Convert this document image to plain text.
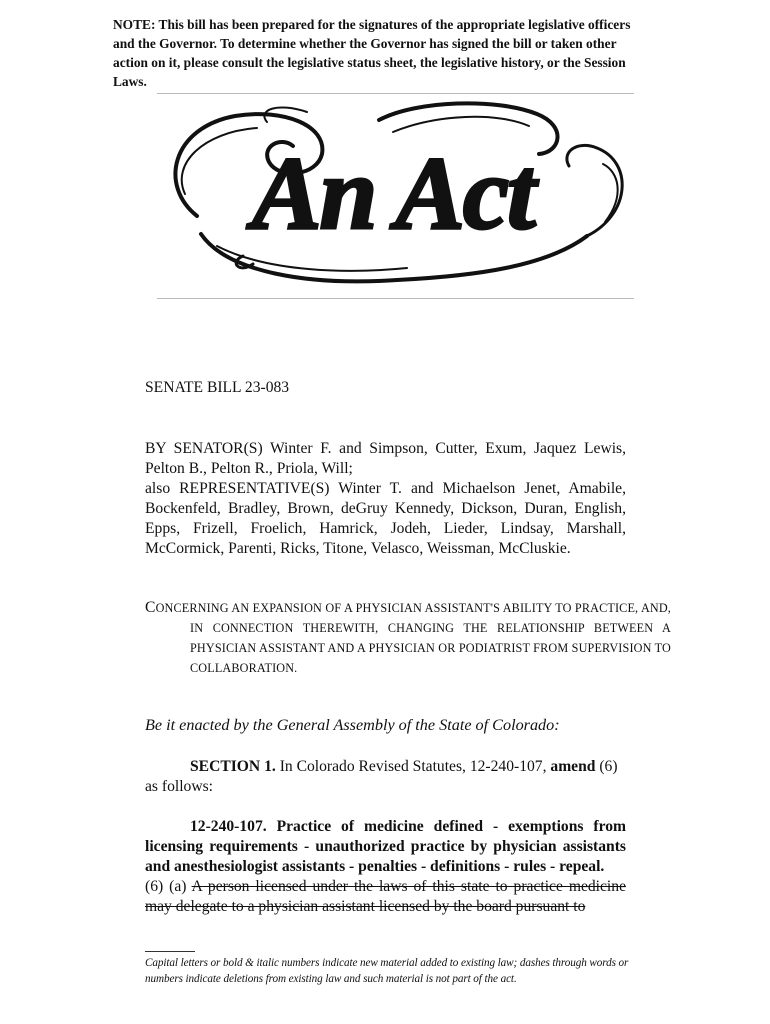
NOTE: This bill has been prepared for the signatures of the appropriate legislative officers and the Governor. To determine whether the Governor has signed the bill or taken other action on it, please consult the legislative status sheet, the legislative history, or the Session Laws.

An Act

SENATE BILL 23-083

BY SENATOR(S) Winter F. and Simpson, Cutter, Exum, Jaquez Lewis, Pelton B., Pelton R., Priola, Will;
also REPRESENTATIVE(S) Winter T. and Michaelson Jenet, Amabile, Bockenfeld, Bradley, Brown, deGruy Kennedy, Dickson, Duran, English, Epps, Frizell, Froelich, Hamrick, Jodeh, Lieder, Lindsay, Marshall, McCormick, Parenti, Ricks, Titone, Velasco, Weissman, McCluskie.

CONCERNING AN EXPANSION OF A PHYSICIAN ASSISTANT'S ABILITY TO PRACTICE, AND, IN CONNECTION THEREWITH, CHANGING THE RELATIONSHIP BETWEEN A PHYSICIAN ASSISTANT AND A PHYSICIAN OR PODIATRIST FROM SUPERVISION TO COLLABORATION.

Be it enacted by the General Assembly of the State of Colorado:

SECTION 1. In Colorado Revised Statutes, 12-240-107, amend (6) as follows:

12-240-107. Practice of medicine defined - exemptions from licensing requirements - unauthorized practice by physician assistants and anesthesiologist assistants - penalties - definitions - rules - repeal.
(6) (a) A person licensed under the laws of this state to practice medicine may delegate to a physician assistant licensed by the board pursuant to

Capital letters or bold & italic numbers indicate new material added to existing law; dashes through words or numbers indicate deletions from existing law and such material is not part of the act.
